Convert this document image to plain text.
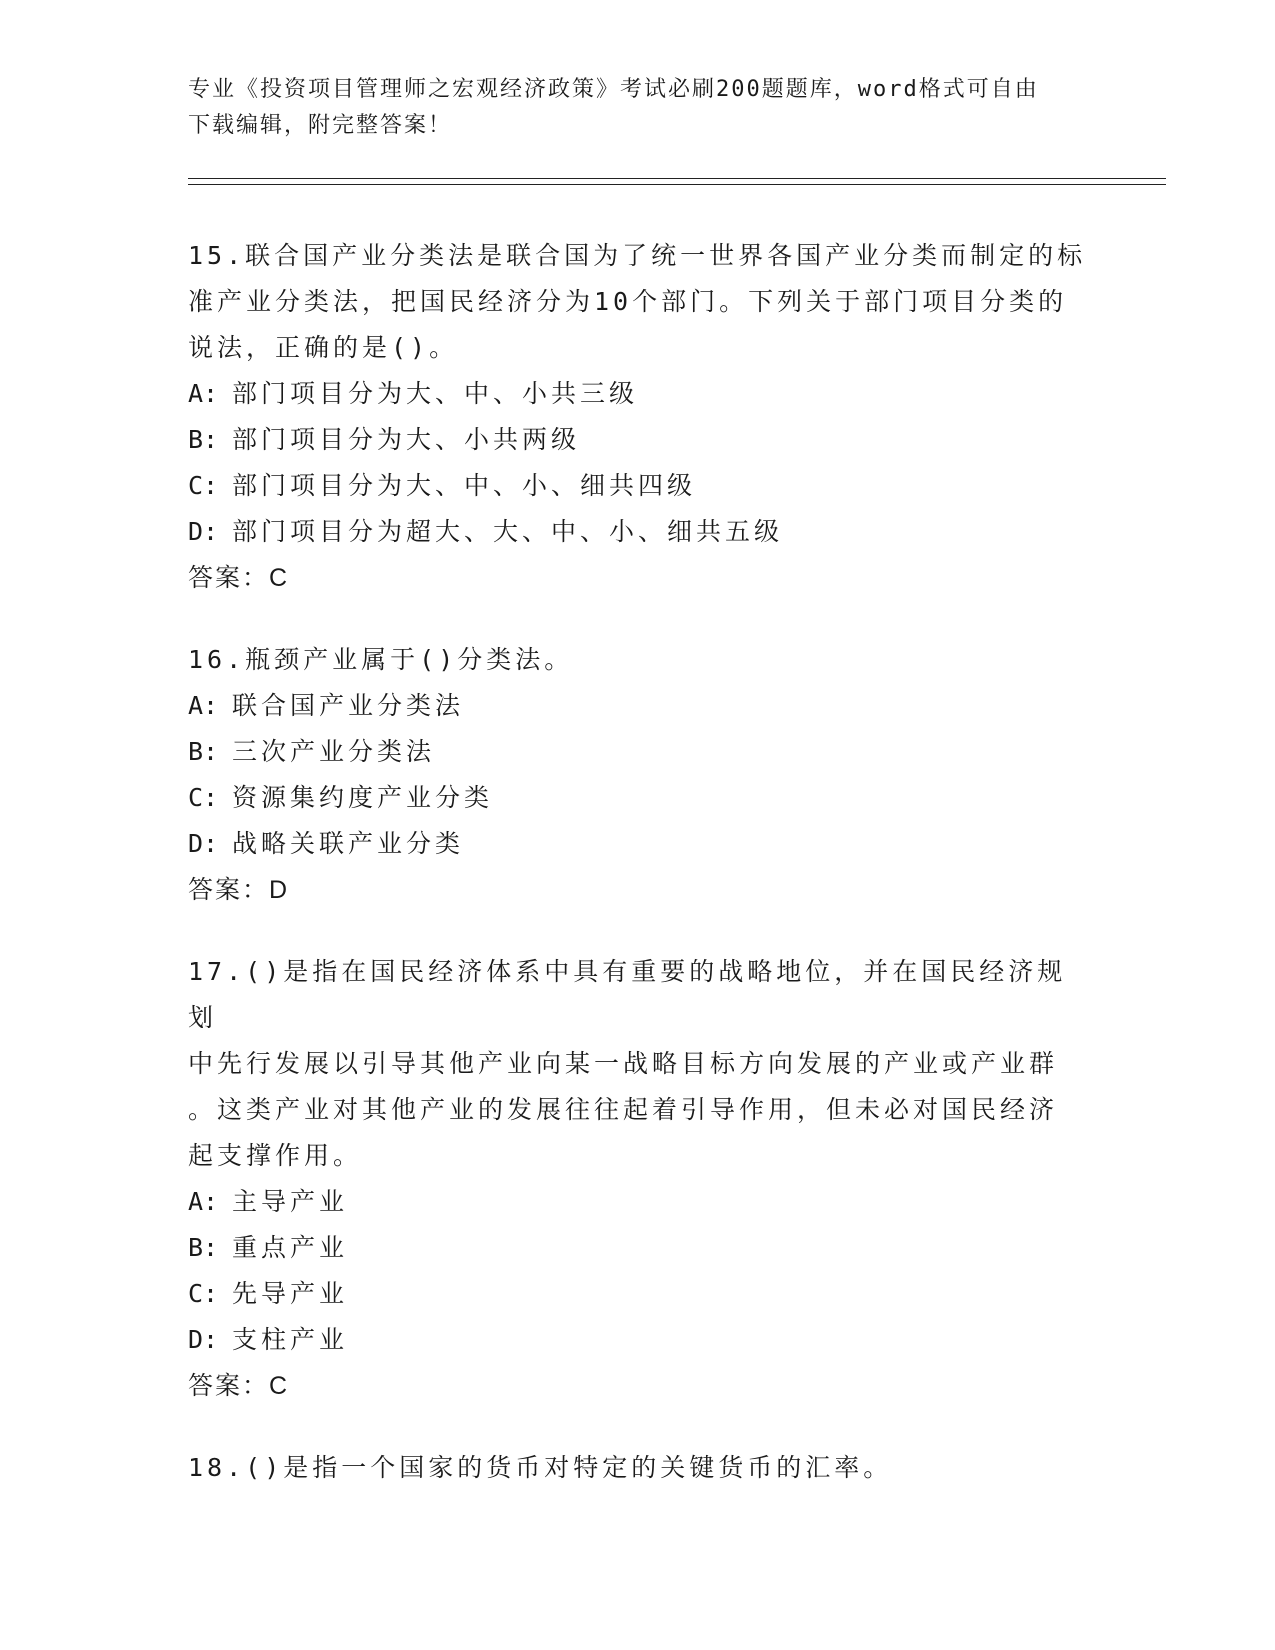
专业《投资项目管理师之宏观经济政策》考试必刷200题题库，word格式可自由
下载编辑，附完整答案！
15.联合国产业分类法是联合国为了统一世界各国产业分类而制定的标
准产业分类法，把国民经济分为10个部门。下列关于部门项目分类的
说法，正确的是()。
A: 部门项目分为大、中、小共三级
B: 部门项目分为大、小共两级
C: 部门项目分为大、中、小、细共四级
D: 部门项目分为超大、大、中、小、细共五级
答案：C
16.瓶颈产业属于()分类法。
A: 联合国产业分类法
B: 三次产业分类法
C: 资源集约度产业分类
D: 战略关联产业分类
答案：D
17.()是指在国民经济体系中具有重要的战略地位，并在国民经济规划
中先行发展以引导其他产业向某一战略目标方向发展的产业或产业群
。这类产业对其他产业的发展往往起着引导作用，但未必对国民经济
起支撑作用。
A: 主导产业
B: 重点产业
C: 先导产业
D: 支柱产业
答案：C
18.()是指一个国家的货币对特定的关键货币的汇率。
